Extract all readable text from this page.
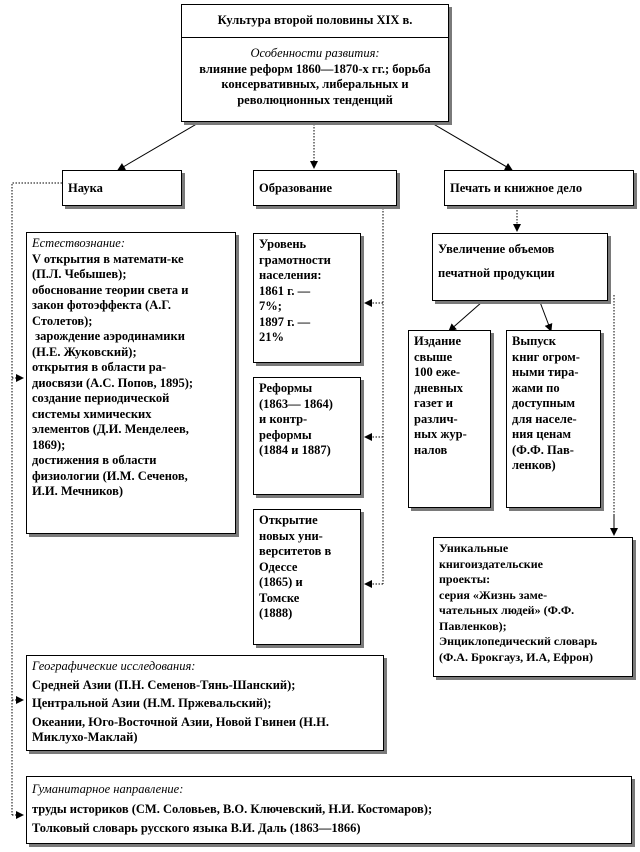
Культура второй половины XIX в.
Особенности развития:
влияние реформ 1860—1870-х гг.; борьба
консервативных, либеральных и
революционных тенденций
Наука	Образование	Печать и книжное дело
Естествознание:
V открытия в математи-ке
(П.Л. Чебышев);
обоснование теории света и
закон фотоэффекта (А.Г.
Столетов);
зарождение аэродинамики
(Н.Е. Жуковский);
открытия в области ра-
диосвязи (А.С. Попов, 1895);
создание периодической
системы химических
элементов (Д.И. Менделеев,
1869);
достижения в области
физиологии (И.М. Сеченов,
И.И. Мечников)
Уровень
грамотности
населения:
1861 г. —
7%;
1897 г. —
21%
Реформы
(1863— 1864)
и контр-
реформы
(1884 и 1887)
Открытие
новых уни-
верситетов в
Одессе
(1865) и
Томске
(1888)
Увеличение объемов
печатной продукции
Издание
свыше
100 еже-
дневных
газет и
различ-
ных жур-
налов
Выпуск
книг огром-
ными тира-
жами по
доступным
для населе-
ния ценам
(Ф.Ф. Пав-
ленков)
Уникальные
книгоиздательские
проекты:
серия «Жизнь заме-
чательных людей» (Ф.Ф.
Павленков);
Энциклопедический словарь
(Ф.А. Брокгауз, И.А, Ефрон)
Географические исследования:
Средней Азии (П.Н. Семенов-Тянь-Шанский);
Центральной Азии (Н.М. Пржевальский);
Океании, Юго-Восточной Азии, Новой Гвинеи (Н.Н.
Миклухо-Маклай)
Гуманитарное направление:
труды историков (СМ. Соловьев, В.О. Ключевский, Н.И. Костомаров);
Толковый словарь русского языка В.И. Даль (1863—1866)
